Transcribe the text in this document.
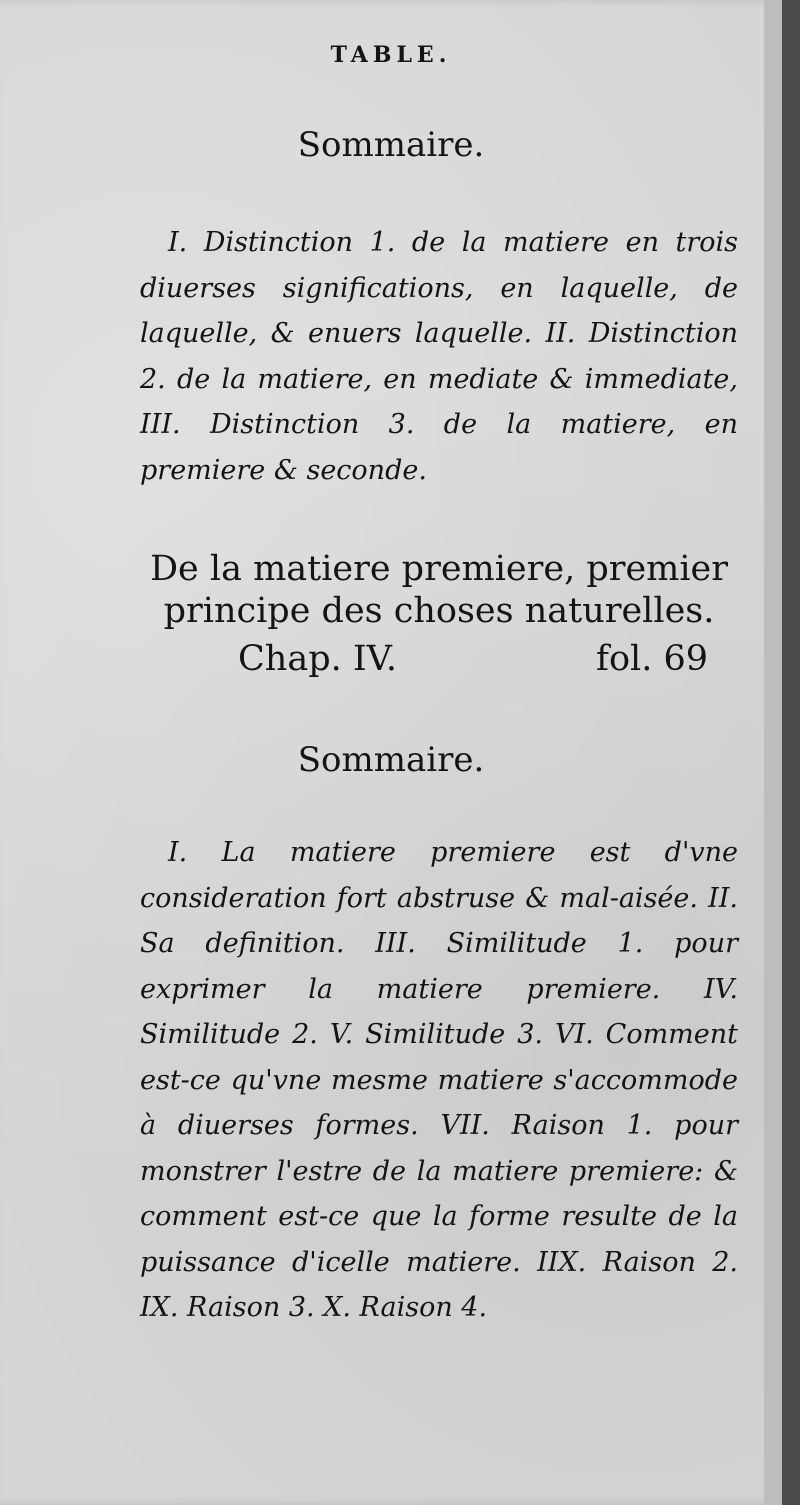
TABLE.
Sommaire.

I. Distinction 1. de la matiere en trois diuerses significations, en laquelle, de laquelle, & enuers laquelle. II. Distinction 2. de la matiere, en mediate & immediate, III. Distinction 3. de la matiere, en premiere & seconde.

De la matiere premiere, premier principe des choses naturelles.

Chap. IV.	fol. 69
Sommaire.

I. La matiere premiere est d'vne consideration fort abstruse & mal-aisée. II. Sa definition. III. Similitude 1. pour exprimer la matiere premiere. IV. Similitude 2. V. Similitude 3. VI. Comment est-ce qu'vne mesme matiere s'accommode à diuerses formes. VII. Raison 1. pour monstrer l'estre de la matiere premiere: & comment est-ce que la forme resulte de la puissance d'icelle matiere. IIX. Raison 2. IX. Raison 3. X. Raison 4.
